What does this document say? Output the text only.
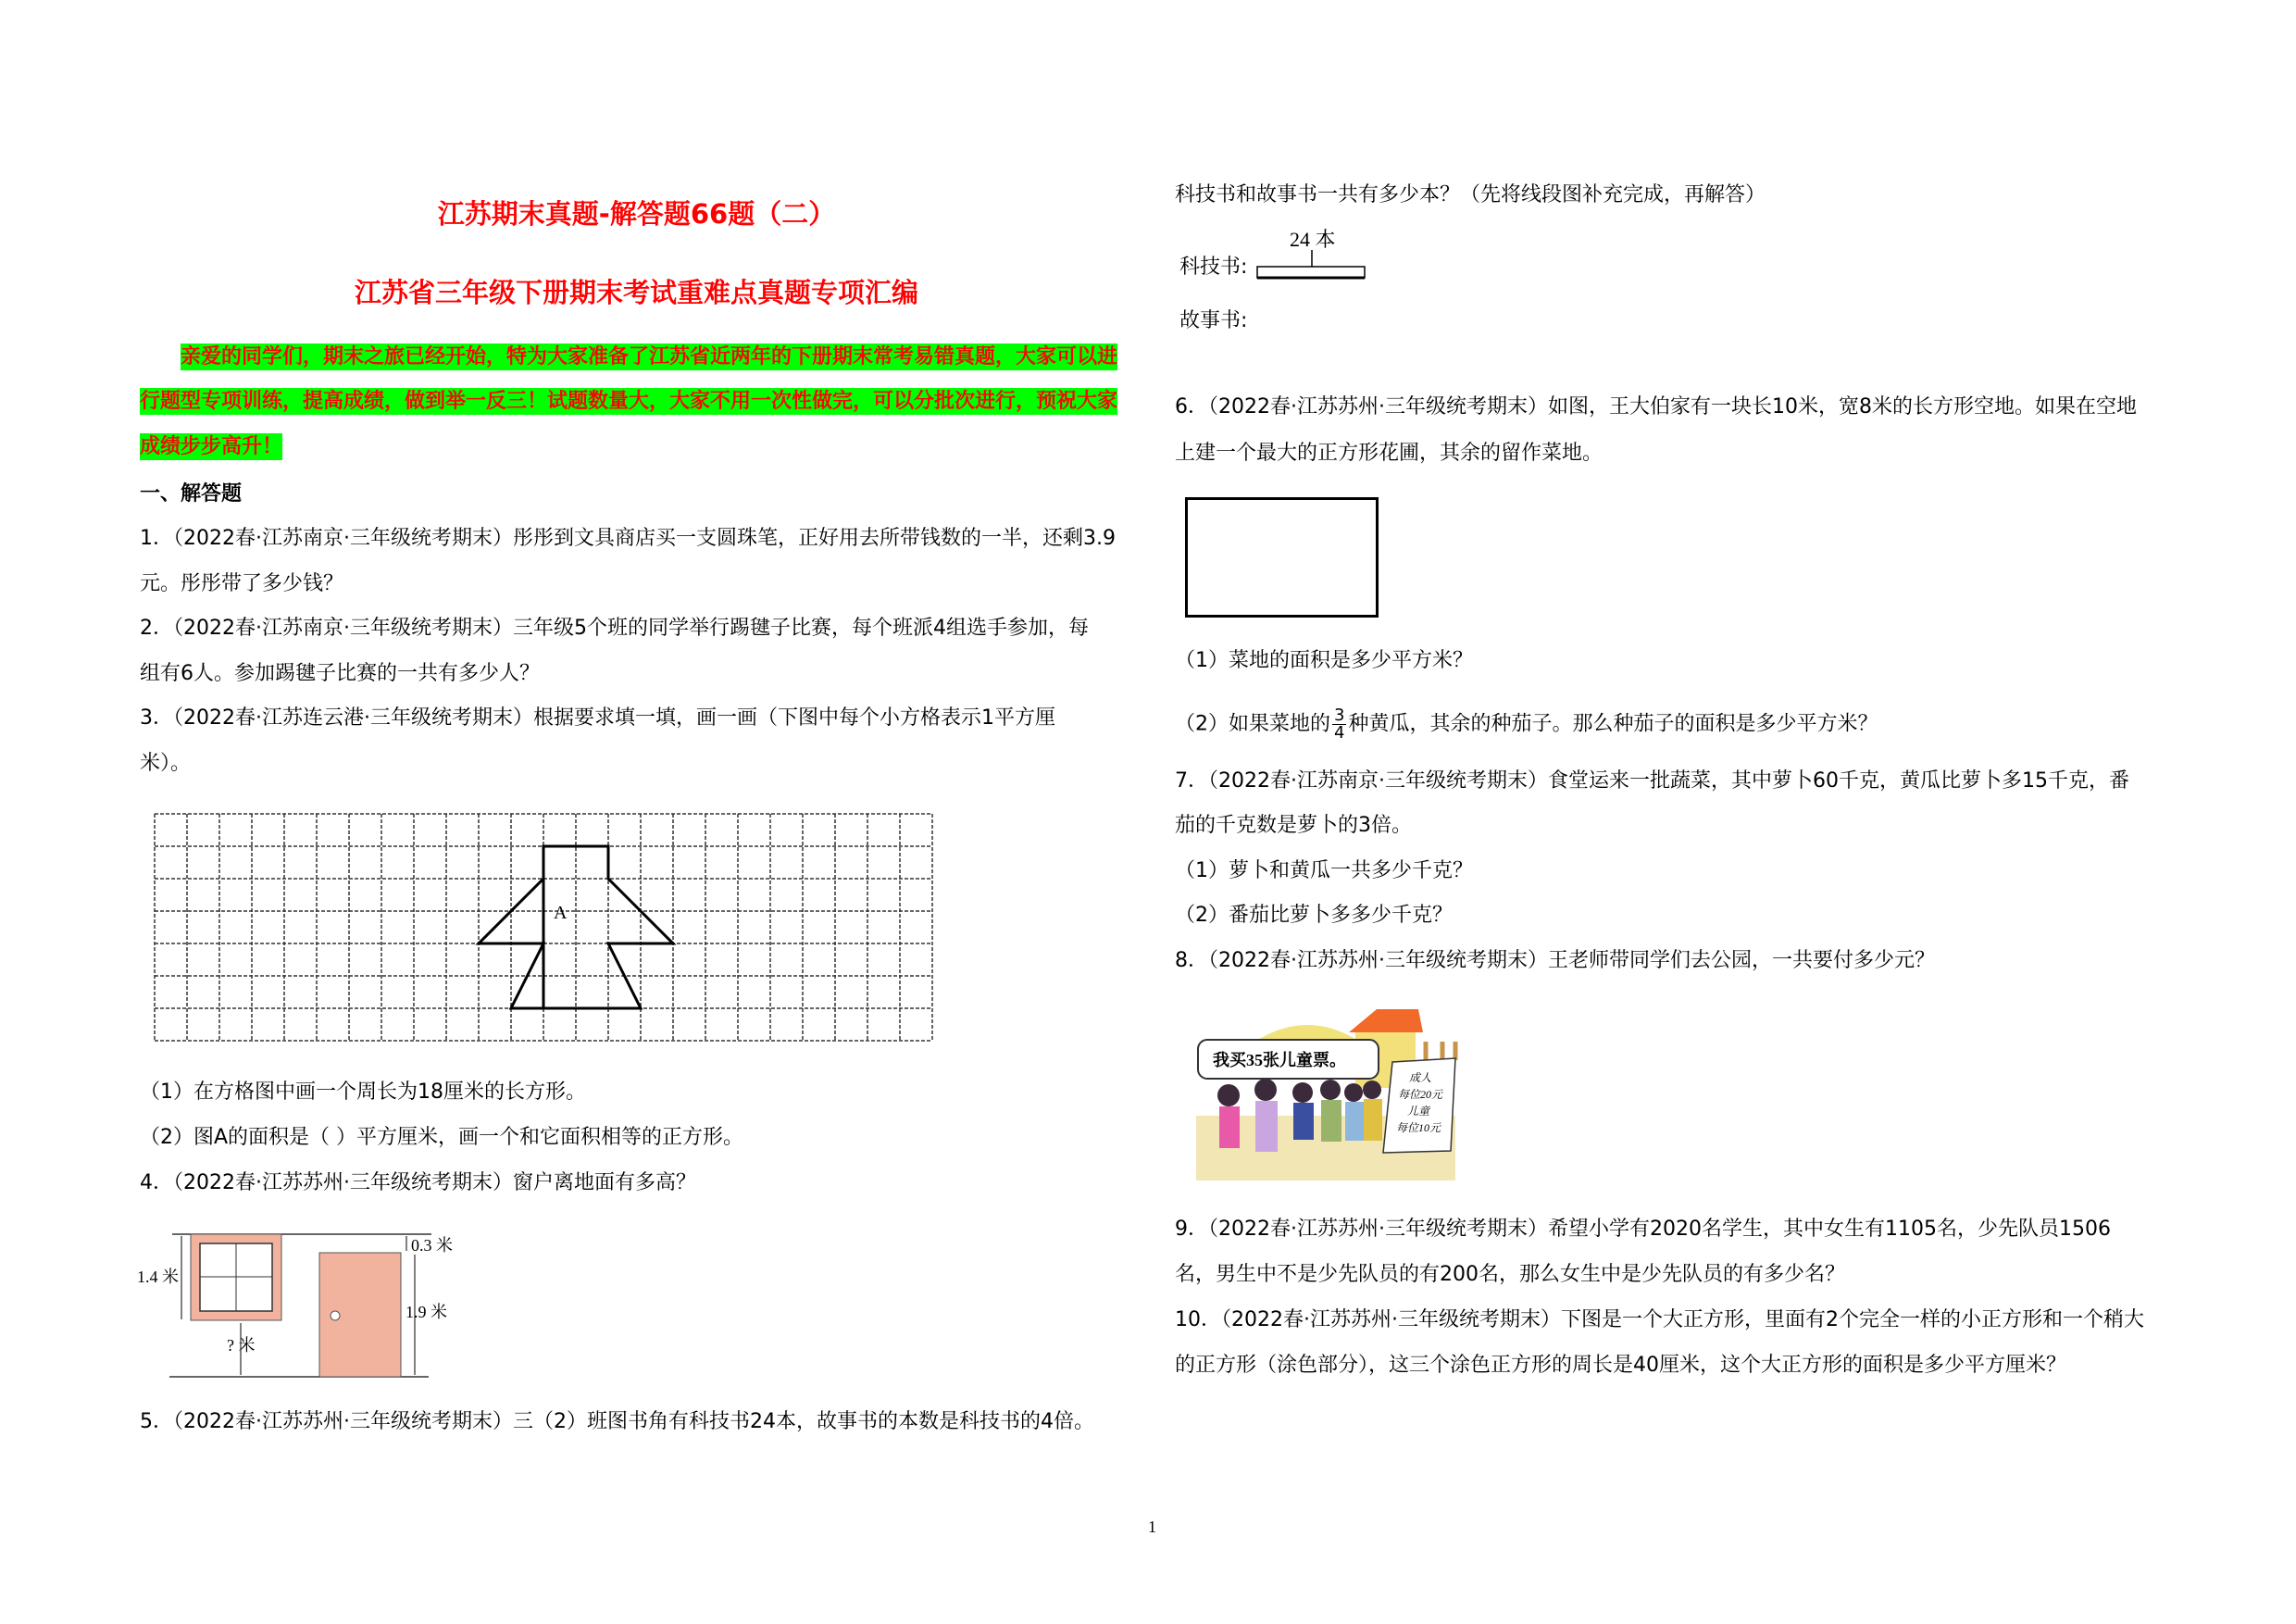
江苏期末真题-解答题66题（二）
江苏省三年级下册期末考试重难点真题专项汇编
亲爱的同学们，期末之旅已经开始，特为大家准备了江苏省近两年的下册期末常考易错真题，大家可以进
行题型专项训练，提高成绩，做到举一反三！试题数量大，大家不用一次性做完，可以分批次进行，预祝大家
成绩步步高升！
一、解答题
1．（2022春·江苏南京·三年级统考期末）彤彤到文具商店买一支圆珠笔，正好用去所带钱数的一半，还剩3.9
元。彤彤带了多少钱？
2．（2022春·江苏南京·三年级统考期末）三年级5个班的同学举行踢毽子比赛，每个班派4组选手参加，每
组有6人。参加踢毽子比赛的一共有多少人？
3．（2022春·江苏连云港·三年级统考期末）根据要求填一填，画一画（下图中每个小方格表示1平方厘
米）。
A
（1）在方格图中画一个周长为18厘米的长方形。
（2）图A的面积是（ ）平方厘米，画一个和它面积相等的正方形。
4．（2022春·江苏苏州·三年级统考期末）窗户离地面有多高？
1.4 米
? 米
0.3 米
1.9 米
5．（2022春·江苏苏州·三年级统考期末）三（2）班图书角有科技书24本，故事书的本数是科技书的4倍。
科技书和故事书一共有多少本？（先将线段图补充完成，再解答）
24 本
科技书:
故事书:
6．（2022春·江苏苏州·三年级统考期末）如图，王大伯家有一块长10米，宽8米的长方形空地。如果在空地
上建一个最大的正方形花圃，其余的留作菜地。
（1）菜地的面积是多少平方米？
（2）如果菜地的 $\frac{3}{4}$ 种黄瓜，其余的种茄子。那么种茄子的面积是多少平方米？
7．（2022春·江苏南京·三年级统考期末）食堂运来一批蔬菜，其中萝卜60千克，黄瓜比萝卜多15千克，番
茄的千克数是萝卜的3倍。
（1）萝卜和黄瓜一共多少千克？
（2）番茄比萝卜多多少千克？
8．（2022春·江苏苏州·三年级统考期末）王老师带同学们去公园，一共要付多少元？
我买35张儿童票。
成人
每位20元
儿童
每位10元
9．（2022春·江苏苏州·三年级统考期末）希望小学有2020名学生，其中女生有1105名，少先队员1506
名，男生中不是少先队员的有200名，那么女生中是少先队员的有多少名？
10．（2022春·江苏苏州·三年级统考期末）下图是一个大正方形，里面有2个完全一样的小正方形和一个稍大
的正方形（涂色部分），这三个涂色正方形的周长是40厘米，这个大正方形的面积是多少平方厘米？
1
